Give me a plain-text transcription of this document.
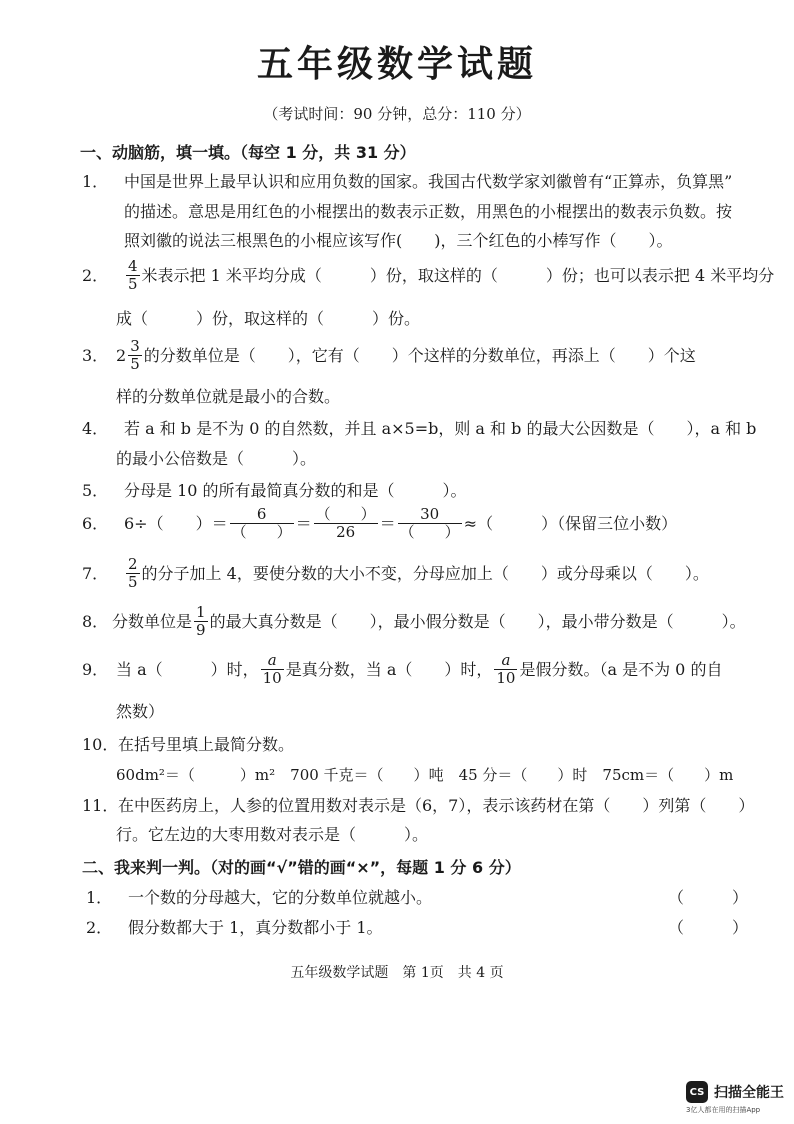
五年级数学试题
（考试时间：90 分钟，总分：110 分）
一、动脑筋，填一填。（每空 1 分，共 31 分）
1． 中国是世界上最早认识和应用负数的国家。我国古代数学家刘徽曾有“正算赤，负算黑”
的描述。意思是用红色的小棍摆出的数表示正数，用黑色的小棍摆出的数表示负数。按
照刘徽的说法三根黑色的小棍应该写作(　　)，三个红色的小棒写作（　　）。
2．	$\frac{4}{5}$ 米表示把 1 米平均分成（　　　）份，取这样的（　　　）份；也可以表示把 4 米平均分
成（　　　）份，取这样的（　　　）份。
3． $2 \frac{3}{5}$ 的分数单位是（　　），它有（　　）个这样的分数单位，再添上（　　）个这
样的分数单位就是最小的合数。
4． 若 a 和 b 是不为 0 的自然数，并且 a×5=b，则 a 和 b 的最大公因数是（　　），a 和 b
的最小公倍数是（　　　）。
5． 分母是 10 的所有最简真分数的和是（　　　）。
6． 6÷（　　）＝ $\frac{6}{( )} = \frac{( )}{26} = \frac{30}{( )}$ ≈（　　　）（保留三位小数）
7．	$\frac{2}{5}$ 的分子加上 4，要使分数的大小不变，分母应加上（　　）或分母乘以（　　）。
8． 分数单位是 $\frac{1}{9}$ 的最大真分数是（　　），最小假分数是（　　），最小带分数是（　　　）。
9． 当 a（　　　）时， $\frac{a}{10}$ 是真分数，当 a（　　）时， $\frac{a}{10}$ 是假分数。（a 是不为 0 的自
然数）
10．在括号里填上最简分数。
60dm²＝（　　　）m²　700 千克＝（　　）吨　45 分＝（　　）时　75cm＝（　　）m
11．在中医药房上，人参的位置用数对表示是（6，7），表示该药材在第（　　）列第（　　）
行。它左边的大枣用数对表示是（　　　）。
二、我来判一判。（对的画“√”错的画“×”，每题 1 分 6 分）
1． 一个数的分母越大，它的分数单位就越小。	（　　　）
2． 假分数都大于 1，真分数都小于 1。	（　　　）
五年级数学试题　第 1页　共 4 页
CS 扫描全能王
3亿人都在用的扫描App
